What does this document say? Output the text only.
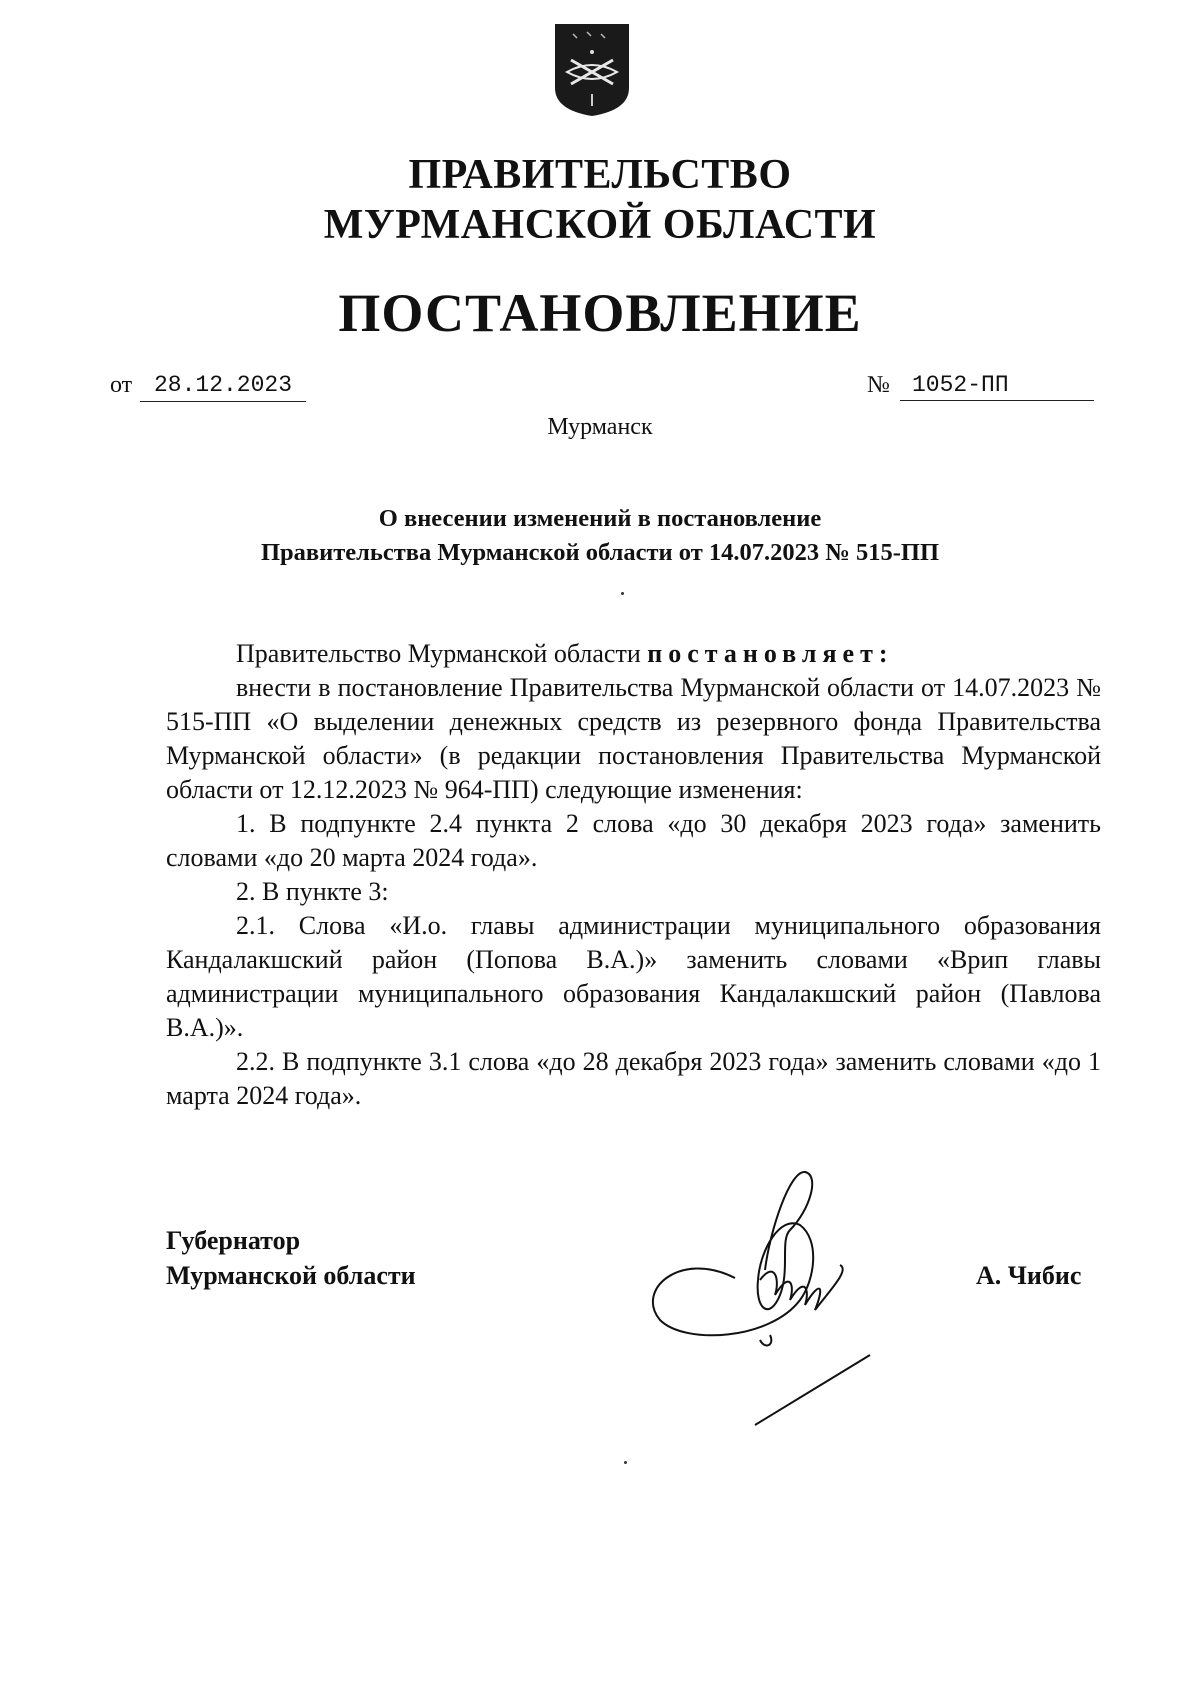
ПРАВИТЕЛЬСТВО
МУРМАНСКОЙ ОБЛАСТИ
ПОСТАНОВЛЕНИЕ
от 28.12.2023	№ 1052-ПП
Мурманск
О внесении изменений в постановление
Правительства Мурманской области от 14.07.2023 № 515-ПП

Правительство Мурманской области постановляет:

внести в постановление Правительства Мурманской области от 14.07.2023 № 515-ПП «О выделении денежных средств из резервного фонда Правительства Мурманской области» (в редакции постановления Правительства Мурманской области от 12.12.2023 № 964-ПП) следующие изменения:

1. В подпункте 2.4 пункта 2 слова «до 30 декабря 2023 года» заменить словами «до 20 марта 2024 года».

2. В пункте 3:

2.1. Слова «И.о. главы администрации муниципального образования Кандалакшский район (Попова В.А.)» заменить словами «Врип главы администрации муниципального образования Кандалакшский район (Павлова В.А.)».

2.2. В подпункте 3.1 слова «до 28 декабря 2023 года» заменить словами «до 1 марта 2024 года».

Губернатор
Мурманской области	А. Чибис
